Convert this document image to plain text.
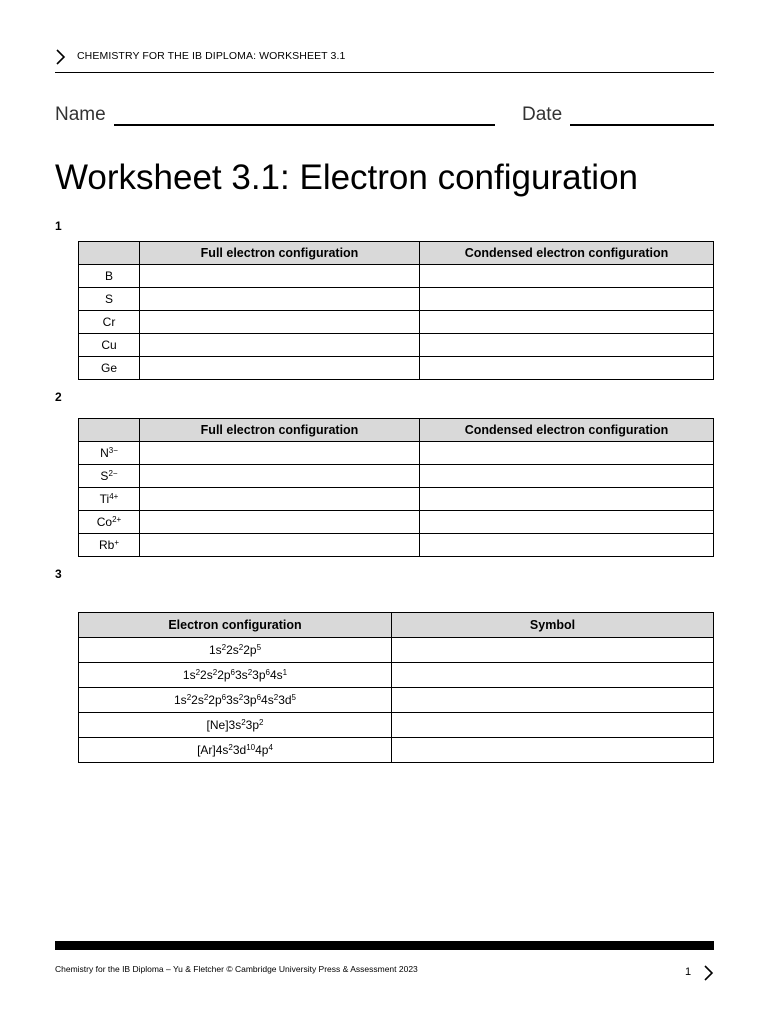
CHEMISTRY FOR THE IB DIPLOMA: WORKSHEET 3.1
Name	Date
Worksheet 3.1: Electron configuration
1
	Full electron configuration	Condensed electron configuration
B		
S		
Cr		
Cu		
Ge		
2
	Full electron configuration	Condensed electron configuration
$N^{3-}$		
$S^{2-}$		
$Ti^{4+}$		
$Co^{2+}$		
Rb+		
3
Electron configuration	Symbol
$1s^22s^22p^5$	
$1s^22s^22p^63s^23p^64s^1$	
$1s^22s^22p^63s^23p^64s^23d^5$	
$[Ne]3s^23p^2$	
$[Ar]4s^23d^{10}4p^4$	
Chemistry for the IB Diploma – Yu & Fletcher © Cambridge University Press & Assessment 2023	1
